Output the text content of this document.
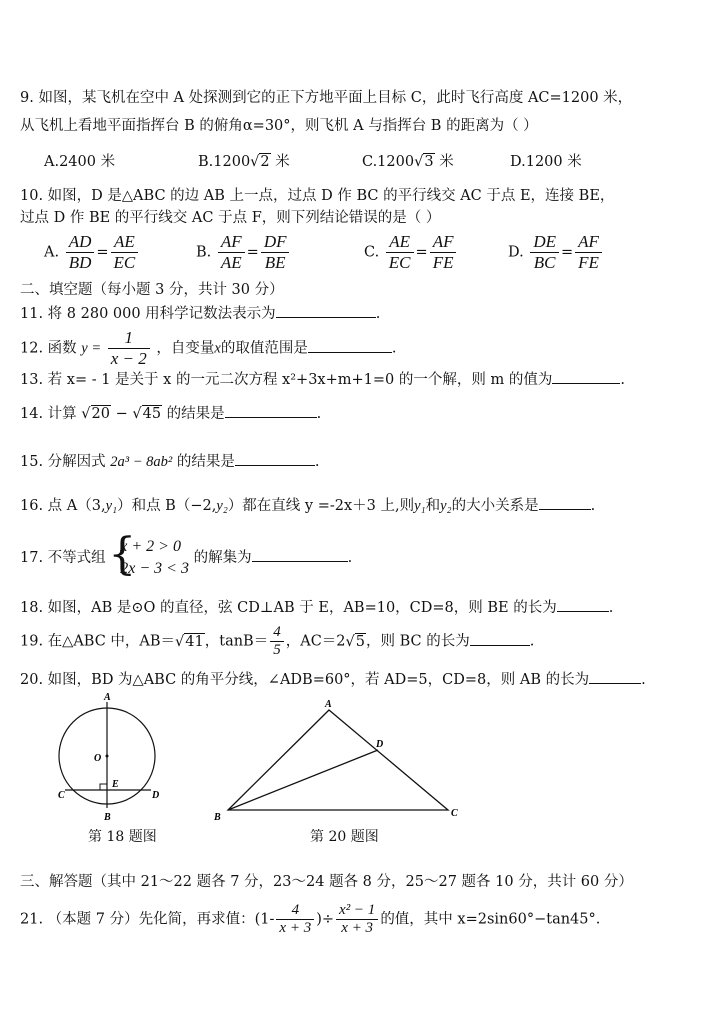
9. 如图，某飞机在空中 A 处探测到它的正下方地平面上目标 C，此时飞行高度 AC=1200 米，
从飞机上看地平面指挥台 B 的俯角α=30°，则飞机 A 与指挥台 B 的距离为（ ）
A.2400 米	B.1200√2 米	C.1200√3 米	D.1200 米
10. 如图，D 是△ABC 的边 AB 上一点，过点 D 作 BC 的平行线交 AC 于点 E，连接 BE，
过点 D 作 BE 的平行线交 AC 于点 F，则下列结论错误的是（ ）
A. $\frac{AD}{BD} = \frac{AE}{EC}$	B. $\frac{AF}{AE} = \frac{DF}{BE}$	C. $\frac{AE}{EC} = \frac{AF}{FE}$	D. $\frac{DE}{BC} = \frac{AF}{FE}$
二、填空题（每小题 3 分，共计 30 分）
11. 将 8 280 000 用科学记数法表示为	.
12. 函数 $y = \frac{1}{x - 2}$ ，自变量x的取值范围是	.
13. 若 x= - 1 是关于 x 的一元二次方程 x²+3x+m+1=0 的一个解，则 m 的值为	.
14. 计算 √20 − √45 的结果是	.
15. 分解因式 2a³ − 8ab² 的结果是	.
16. 点 A（3,y₁）和点 B（−2,y₂）都在直线 y =-2x＋3 上,则y₁和y₂的大小关系是	.
17. 不等式组 {
x + 2 > 0
2x − 3 < 3
的解集为	.
18. 如图，AB 是⊙O 的直径，弦 CD⊥AB 于 E，AB=10，CD=8，则 BE 的长为	.
19. 在△ABC 中，AB＝√41，$\tan B= \frac{4}{5}$ ，AC＝2√5，则 BC 的长为	.
20. 如图，BD 为△ABC 的角平分线，∠ADB=60°，若 AD=5，CD=8，则 AB 的长为	.
A
O
E
C	D
B
第 18 题图
A
D
B	C
第 20 题图
三、解答题（其中 21～22 题各 7 分，23～24 题各 8 分，25～27 题各 10 分，共计 60 分）
21. （本题 7 分）先化简，再求值：($1- \frac{4}{x + 3}$ )÷ $\frac{\text{x² − 1}}{x + 3}$ 的值，其中 x=2sin60°−tan45°.
